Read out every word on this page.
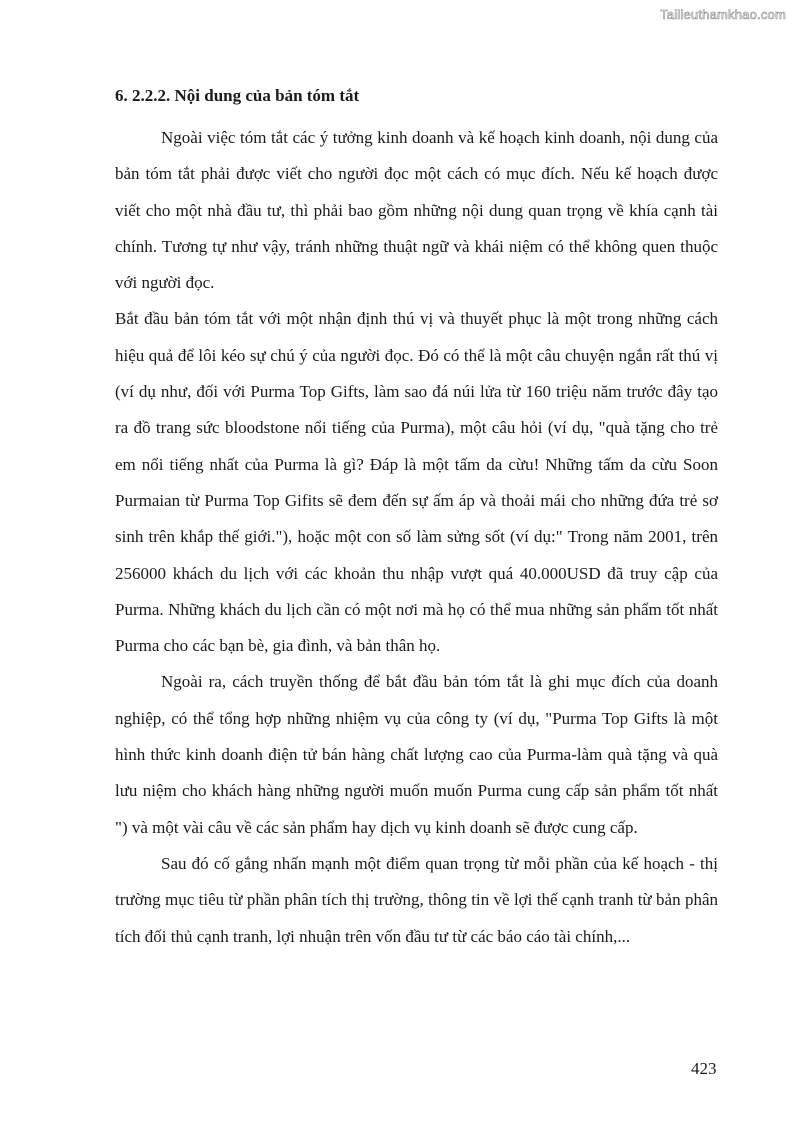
Tailieuthamkhao.com
6. 2.2.2. Nội dung của bản tóm tắt

Ngoài việc tóm tắt các ý tưởng kinh doanh và kế hoạch kinh doanh, nội dung của bản tóm tắt phải được viết cho người đọc một cách có mục đích. Nếu kế hoạch được viết cho một nhà đầu tư, thì phải bao gồm những nội dung quan trọng về khía cạnh tài chính. Tương tự như vậy, tránh những thuật ngữ và khái niệm có thể không quen thuộc với người đọc.

Bắt đầu bản tóm tắt với một nhận định thú vị và thuyết phục là một trong những cách hiệu quả để lôi kéo sự chú ý của người đọc. Đó có thể là một câu chuyện ngắn rất thú vị (ví dụ như, đối với Purma Top Gifts, làm sao đá núi lửa từ 160 triệu năm trước đây tạo ra đồ trang sức bloodstone nổi tiếng của Purma), một câu hỏi (ví dụ, "quà tặng cho trẻ em nổi tiếng nhất của Purma là gì? Đáp là một tấm da cừu! Những tấm da cừu Soon Purmaian từ Purma Top Gifits sẽ đem đến sự ấm áp và thoải mái cho những đứa trẻ sơ sinh trên khắp thế giới."), hoặc một con số làm sửng sốt (ví dụ:" Trong năm 2001, trên 256000 khách du lịch với các khoản thu nhập vượt quá 40.000USD đã truy cập của Purma. Những khách du lịch cần có một nơi mà họ có thể mua những sản phẩm tốt nhất Purma cho các bạn bè, gia đình, và bản thân họ.

Ngoài ra, cách truyền thống để bắt đầu bản tóm tắt là ghi mục đích của doanh nghiệp, có thể tổng hợp những nhiệm vụ của công ty (ví dụ, "Purma Top Gifts là một hình thức kinh doanh điện tử bán hàng chất lượng cao của Purma-làm quà tặng và quà lưu niệm cho khách hàng những người muốn muốn Purma cung cấp sản phẩm tốt nhất ") và một vài câu về các sản phẩm hay dịch vụ kinh doanh sẽ được cung cấp.

Sau đó cố gắng nhấn mạnh một điểm quan trọng từ mỗi phần của kế hoạch - thị trường mục tiêu từ phần phân tích thị trường, thông tin về lợi thế cạnh tranh từ bản phân tích đối thủ cạnh tranh, lợi nhuận trên vốn đầu tư từ các báo cáo tài chính,...

423
